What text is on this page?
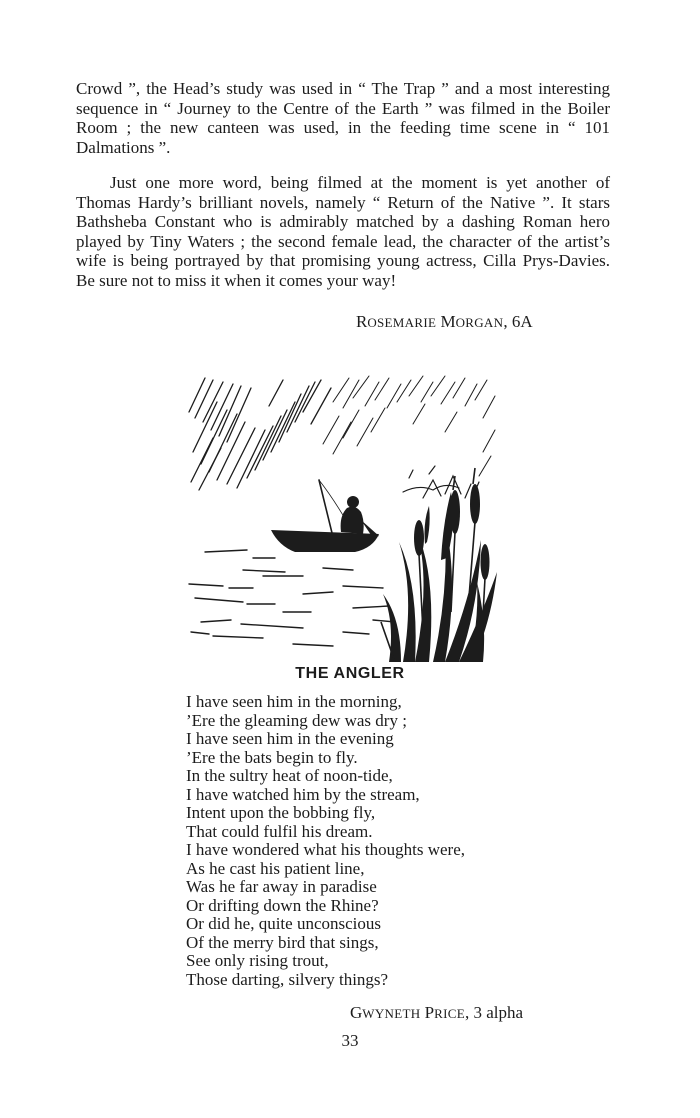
Crowd ”, the Head’s study was used in “ The Trap ” and a most interesting sequence in “ Journey to the Centre of the Earth ” was filmed in the Boiler Room ; the new canteen was used, in the feeding time scene in “ 101 Dalmations ”.

Just one more word, being filmed at the moment is yet another of Thomas Hardy’s brilliant novels, namely “ Return of the Native ”. It stars Bathsheba Constant who is admirably matched by a dashing Roman hero played by Tiny Waters ; the second female lead, the character of the artist’s wife is being portrayed by that promising young actress, Cilla Prys-Davies. Be sure not to miss it when it comes your way!

ROSEMARIE MORGAN, 6A

THE ANGLER
I have seen him in the morning,
’Ere the gleaming dew was dry ;
I have seen him in the evening
’Ere the bats begin to fly.
In the sultry heat of noon-tide,
I have watched him by the stream,
Intent upon the bobbing fly,
That could fulfil his dream.
I have wondered what his thoughts were,
As he cast his patient line,
Was he far away in paradise
Or drifting down the Rhine?
Or did he, quite unconscious
Of the merry bird that sings,
See only rising trout,
Those darting, silvery things?

GWYNETH PRICE, 3 alpha

33
